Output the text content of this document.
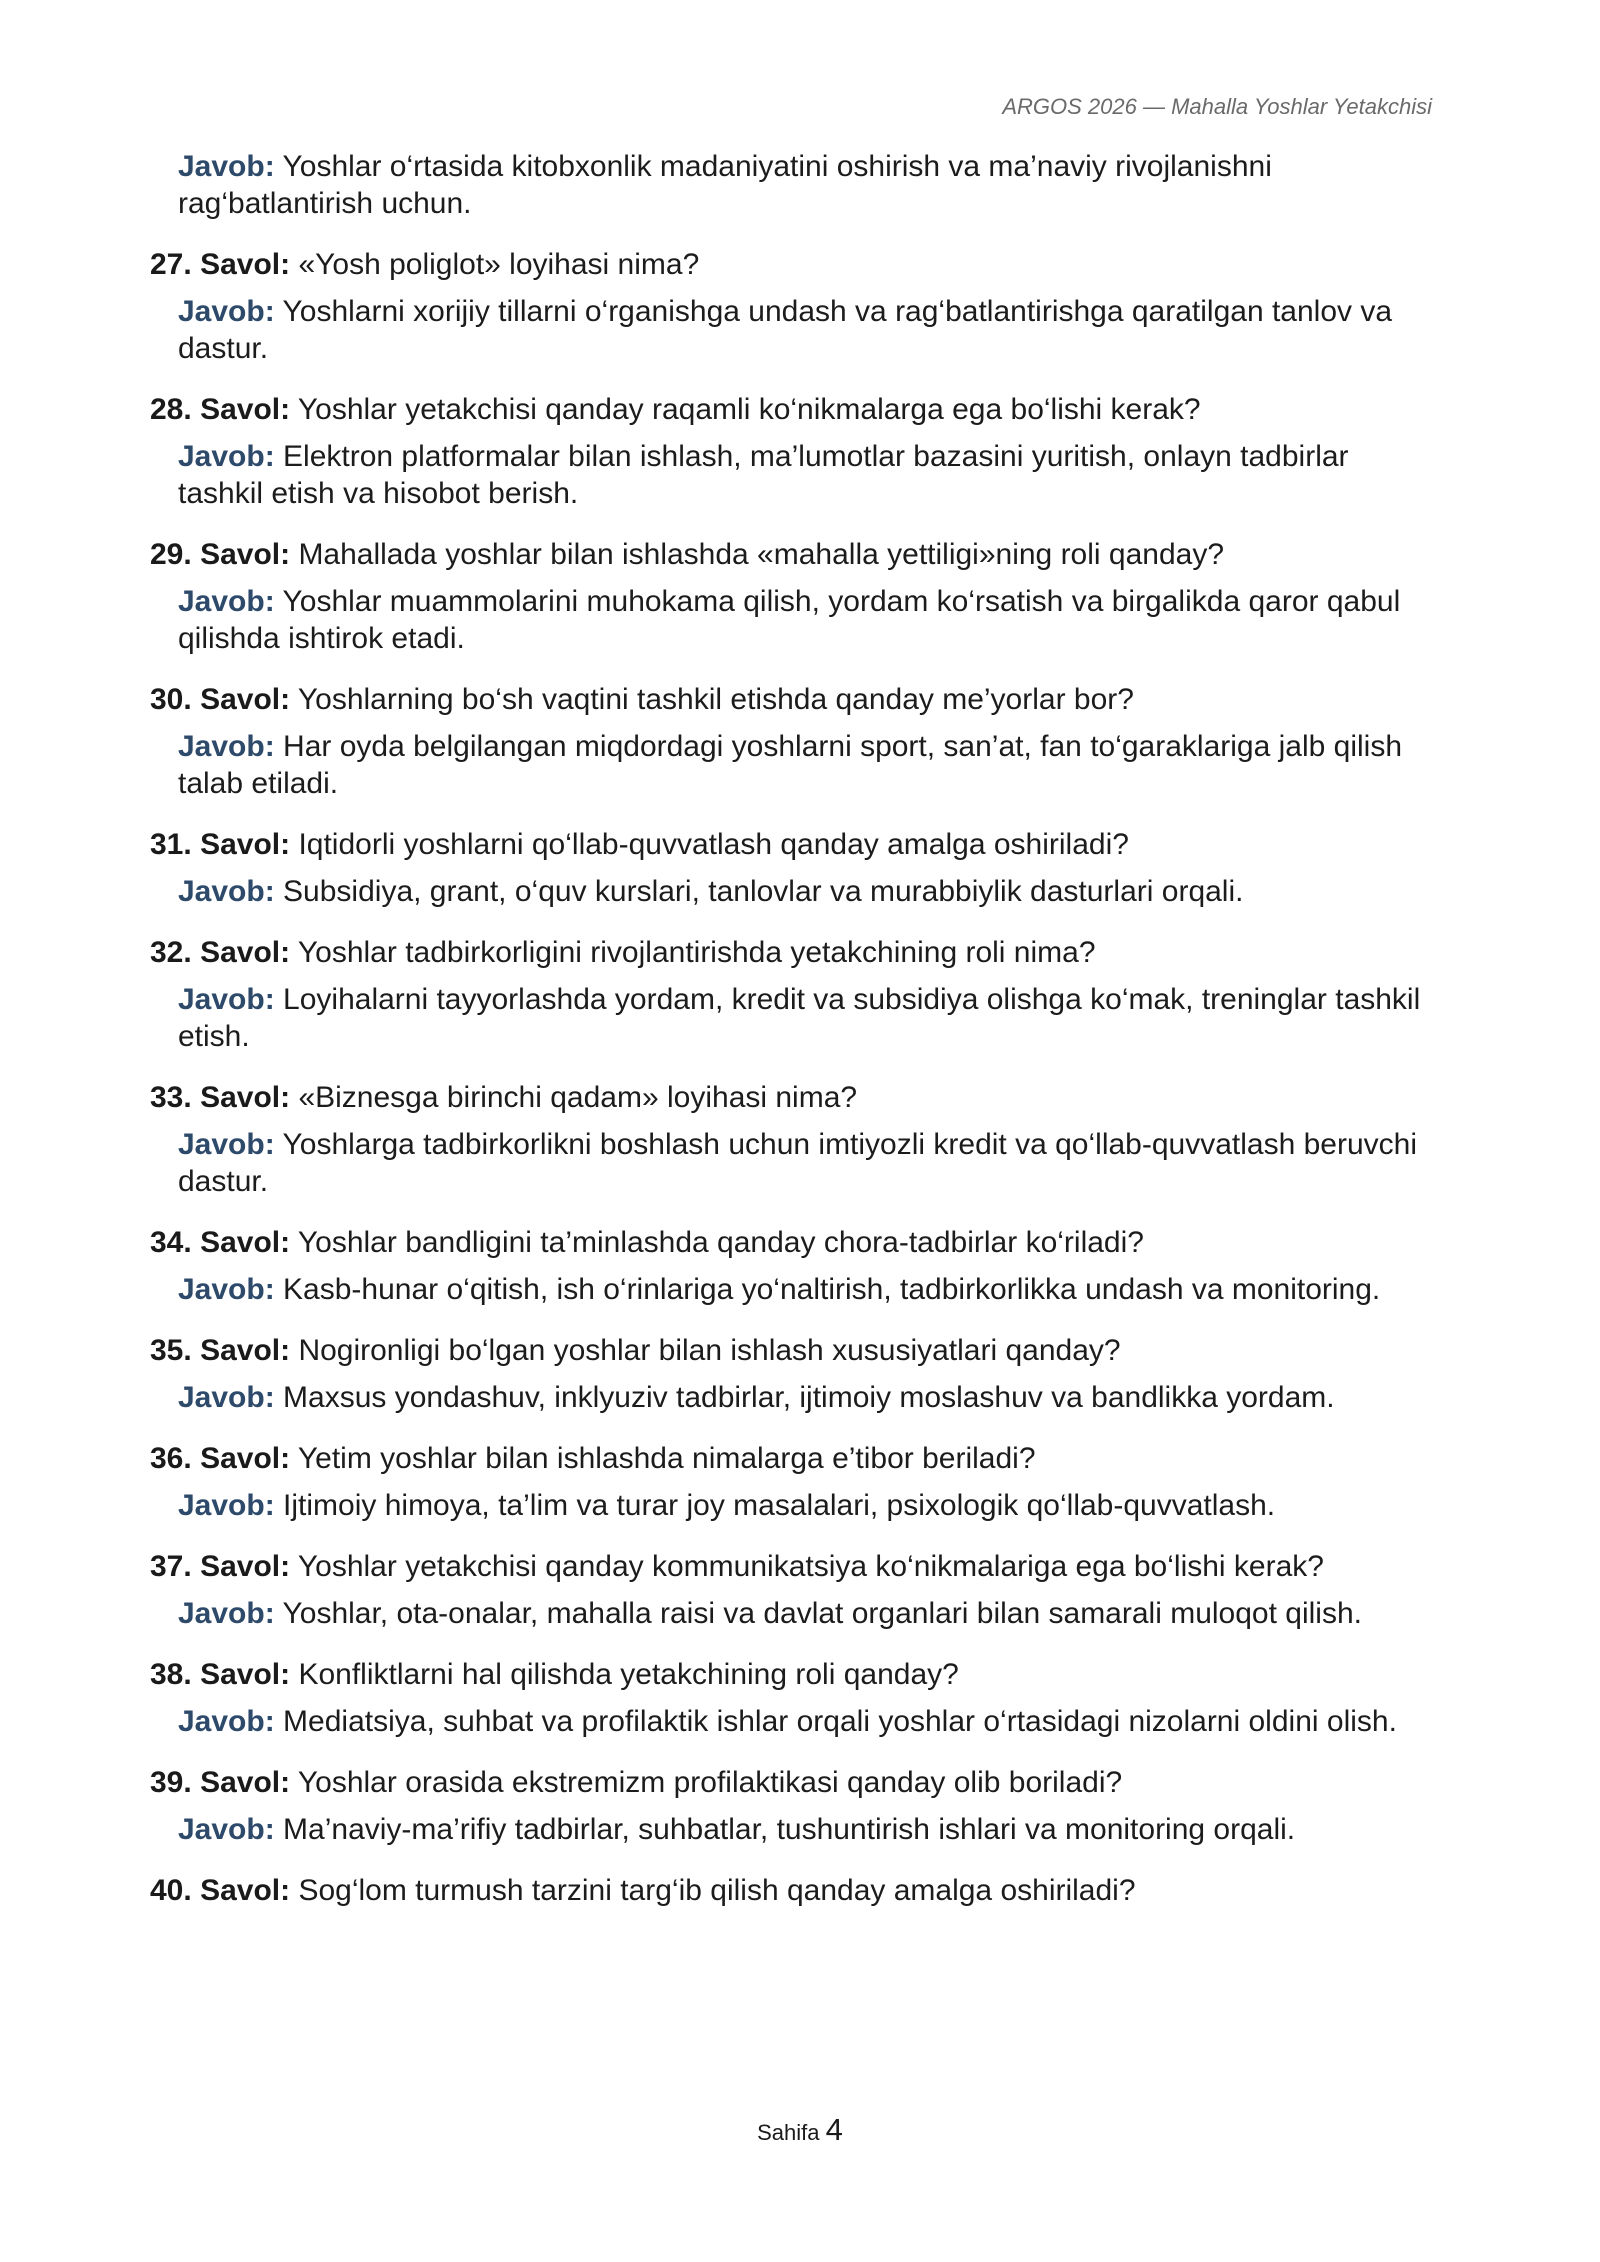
ARGOS 2026 — Mahalla Yoshlar Yetakchisi
Javob: Yoshlar o‘rtasida kitobxonlik madaniyatini oshirish va ma’naviy rivojlanishni rag‘batlantirish uchun.
27. Savol: «Yosh poliglot» loyihasi nima?
Javob: Yoshlarni xorijiy tillarni o‘rganishga undash va rag‘batlantirishga qaratilgan tanlov va dastur.
28. Savol: Yoshlar yetakchisi qanday raqamli ko‘nikmalarga ega bo‘lishi kerak?
Javob: Elektron platformalar bilan ishlash, ma’lumotlar bazasini yuritish, onlayn tadbirlar tashkil etish va hisobot berish.
29. Savol: Mahallada yoshlar bilan ishlashda «mahalla yettiligi»ning roli qanday?
Javob: Yoshlar muammolarini muhokama qilish, yordam ko‘rsatish va birgalikda qaror qabul qilishda ishtirok etadi.
30. Savol: Yoshlarning bo‘sh vaqtini tashkil etishda qanday me’yorlar bor?
Javob: Har oyda belgilangan miqdordagi yoshlarni sport, san’at, fan to‘garaklariga jalb qilish talab etiladi.
31. Savol: Iqtidorli yoshlarni qo‘llab-quvvatlash qanday amalga oshiriladi?
Javob: Subsidiya, grant, o‘quv kurslari, tanlovlar va murabbiylik dasturlari orqali.
32. Savol: Yoshlar tadbirkorligini rivojlantirishda yetakchining roli nima?
Javob: Loyihalarni tayyorlashda yordam, kredit va subsidiya olishga ko‘mak, treninglar tashkil etish.
33. Savol: «Biznesga birinchi qadam» loyihasi nima?
Javob: Yoshlarga tadbirkorlikni boshlash uchun imtiyozli kredit va qo‘llab-quvvatlash beruvchi dastur.
34. Savol: Yoshlar bandligini ta’minlashda qanday chora-tadbirlar ko‘riladi?
Javob: Kasb-hunar o‘qitish, ish o‘rinlariga yo‘naltirish, tadbirkorlikka undash va monitoring.
35. Savol: Nogironligi bo‘lgan yoshlar bilan ishlash xususiyatlari qanday?
Javob: Maxsus yondashuv, inklyuziv tadbirlar, ijtimoiy moslashuv va bandlikka yordam.
36. Savol: Yetim yoshlar bilan ishlashda nimalarga e’tibor beriladi?
Javob: Ijtimoiy himoya, ta’lim va turar joy masalalari, psixologik qo‘llab-quvvatlash.
37. Savol: Yoshlar yetakchisi qanday kommunikatsiya ko‘nikmalariga ega bo‘lishi kerak?
Javob: Yoshlar, ota-onalar, mahalla raisi va davlat organlari bilan samarali muloqot qilish.
38. Savol: Konfliktlarni hal qilishda yetakchining roli qanday?
Javob: Mediatsiya, suhbat va profilaktik ishlar orqali yoshlar o‘rtasidagi nizolarni oldini olish.
39. Savol: Yoshlar orasida ekstremizm profilaktikasi qanday olib boriladi?
Javob: Ma’naviy-ma’rifiy tadbirlar, suhbatlar, tushuntirish ishlari va monitoring orqali.
40. Savol: Sog‘lom turmush tarzini targ‘ib qilish qanday amalga oshiriladi?
Sahifa 4
